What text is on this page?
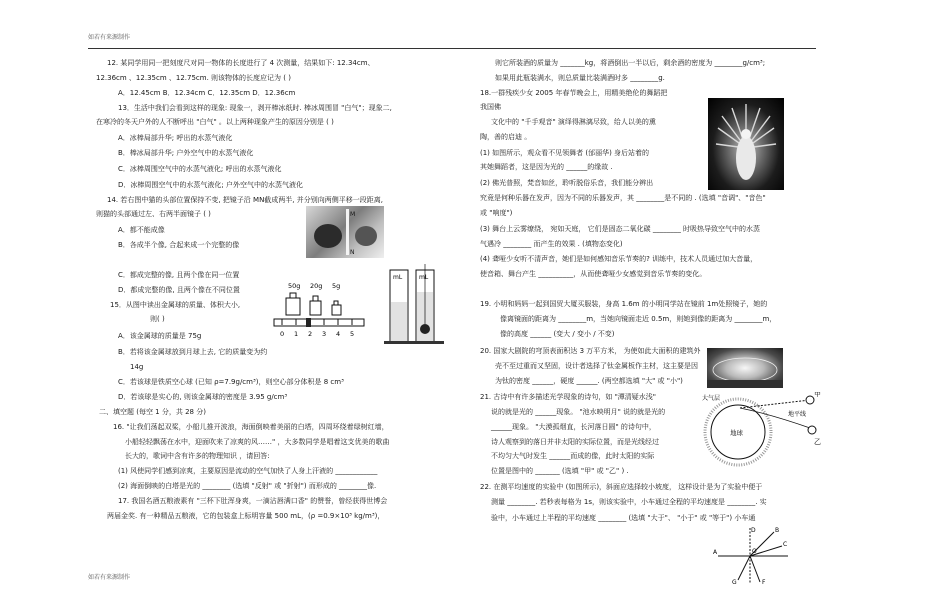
如若有来源制作
12. 某同学用同一把刻度尺对同一物体的长度进行了 4 次测量，结果如下: 12.34cm、
12.36cm 、12.35cm 、12.75cm. 则该物体的长度应记为 ( )
A．12.45cm B．12.34cm C．12.35cm D．12.36cm
13．生活中我们会看到这样的现象: 现象一，剥开棒冰纸时. 棒冰周围冒 "白气"；现象二,
在寒冷的冬天户外的人不断呼出 "白气" 。以上两种现象产生的原因分别是 ( )
A．冰棒局部升华; 呼出的水蒸气液化
B．棒冰局部升华; 户外空气中的水蒸气液化
C．冰棒周围空气中的水蒸气液化; 呼出的水蒸气液化
D．冰棒周围空气中的水蒸气液化; 户外空气中的水蒸气液化
14. 若右图中猫的头部位置保持不变, 把镜子沿 MN截成两半, 并分别向两侧平移一段距离,
则猫的头部通过左、右两半面镜子 ( )
A．都不能成像
B．各成半个像, 合起来成一个完整的像
C．都成完整的像, 且两个像在同一位置
D．都成完整的像, 且两个像在不同位置
15．从图中读出金属球的质量、体积大小,
则( )
A．该金属球的质量是 75g
B．若将该金属球放到月球上去, 它的质量变为约
14g
C．若该球是铁质空心球 (已知 ρ=7.9g/cm³)，则空心部分体积是 8 cm³
D．若该球是实心的, 则该金属球的密度是 3.95 g/cm³
二、填空题 (每空 1 分，共 28 分)
16. "让我们荡起双桨，小船儿推开波浪，海面倒映着美丽的白塔，四周环绕着绿树红墙，
小船轻轻飘荡在水中，迎面吹来了凉爽的风……" ，大多数同学是唱着这支优美的歌曲
长大的，歌词中含有许多的物理知识 ，请回答:
(1) 风使同学们感到凉爽，主要原因是流动的空气加快了人身上汗液的 ____________
(2) 海面倒映的白塔是光的 ________ (选填 "反射" 或 "折射") 而形成的 ________像.
17. 我国名酒五粮液素有 "三杯下肚浑身爽，一滴沾唇满口香" 的赞誉，曾经获得世博会
两届金奖. 有一种精品五粮液，它的包装盒上标明容量 500 mL，(ρ =0.9×10³ kg/m³)，
M
N
50g 20g 5g
0 1 2 3 4 5
mL	mL
则它所装酒的质量为 _______kg，将酒倒出一半以后，剩余酒的密度为 ________g/cm³;
如果用此瓶装满水，则总质量比装满酒时多 ________g.
18.一群残疾少女 2005 年春节晚会上，用精美绝伦的舞蹈把
我国佛
文化中的 "千手观音" 演绎得淋漓尽致，给人以美的熏
陶，善的启迪 。
(1) 如图所示，观众看不见领舞者 (邰丽华) 身后站着的
其她舞蹈者，这是因为光的 ______的缘故 .
(2) 佛光普照，梵音如丝，聆听脱俗乐音，我们能分辨出
究竟是何种乐器在发声，因为不同的乐器发声，其 ________是不同的 . (选填 "音调"、"音色"
或 "响度")
(3) 舞台上云雾缭绕， 宛如天庭， 它们是固态二氧化碳 ________ 时吸热导致空气中的水蒸
气遇冷 ________ 而产生的效果 . (填物态变化)
(4) 聋哑少女听不清声音，她们是如何感知音乐节奏的? 训练中，技术人员通过加大音量，
使音箱、舞台产生 __________，从而使聋哑少女感觉到音乐节奏的变化。
19. 小明和妈妈一起到国贸大厦买服装，身高 1.6m 的小明同学站在镜前 1m处照镜子，她的
像离镜面的距离为 ________m，当她向镜面走近 0.5m，则她到像的距离为 ________m，
像的高度 ______ (变大 / 变小 / 不变)
20. 国家大剧院的穹顶表面积达 3 万平方米， 为使如此大面积的建筑外
壳不至过重而又坚固，设计者选择了钛金属板作主材，这主要是因
为钛的密度 ______，硬度 ______. (两空都选填 "大" 或 "小")
21. 古诗中有许多描述光学现象的诗句，如 "潭清疑水浅"
说的就是光的 ______现象。 "池水映明月" 说的就是光的
______现象。 "大漠孤烟直，长河落日圆" 的诗句中，
诗人观察到的落日并非太阳的实际位置，而是光线经过
不均匀大气时发生 ______而成的像，此时太阳的实际
位置是图中的 _______ (选填 "甲" 或 "乙" ) .
22. 在测平均速度的实验中 (如图所示)，斜面应选择较小坡度， 这样设计是为了实验中便于
测量 ________. 若秒表每格为 1s，则该实验中，小车通过全程的平均速度是 ________. 实
验中，小车通过上半程的平均速度 ________ (选填 "大于"、 "小于" 或 "等于") 小车通
地球
大气层
地平线
甲
乙
A	O
B
C
D
G	F
如若有来源制作
